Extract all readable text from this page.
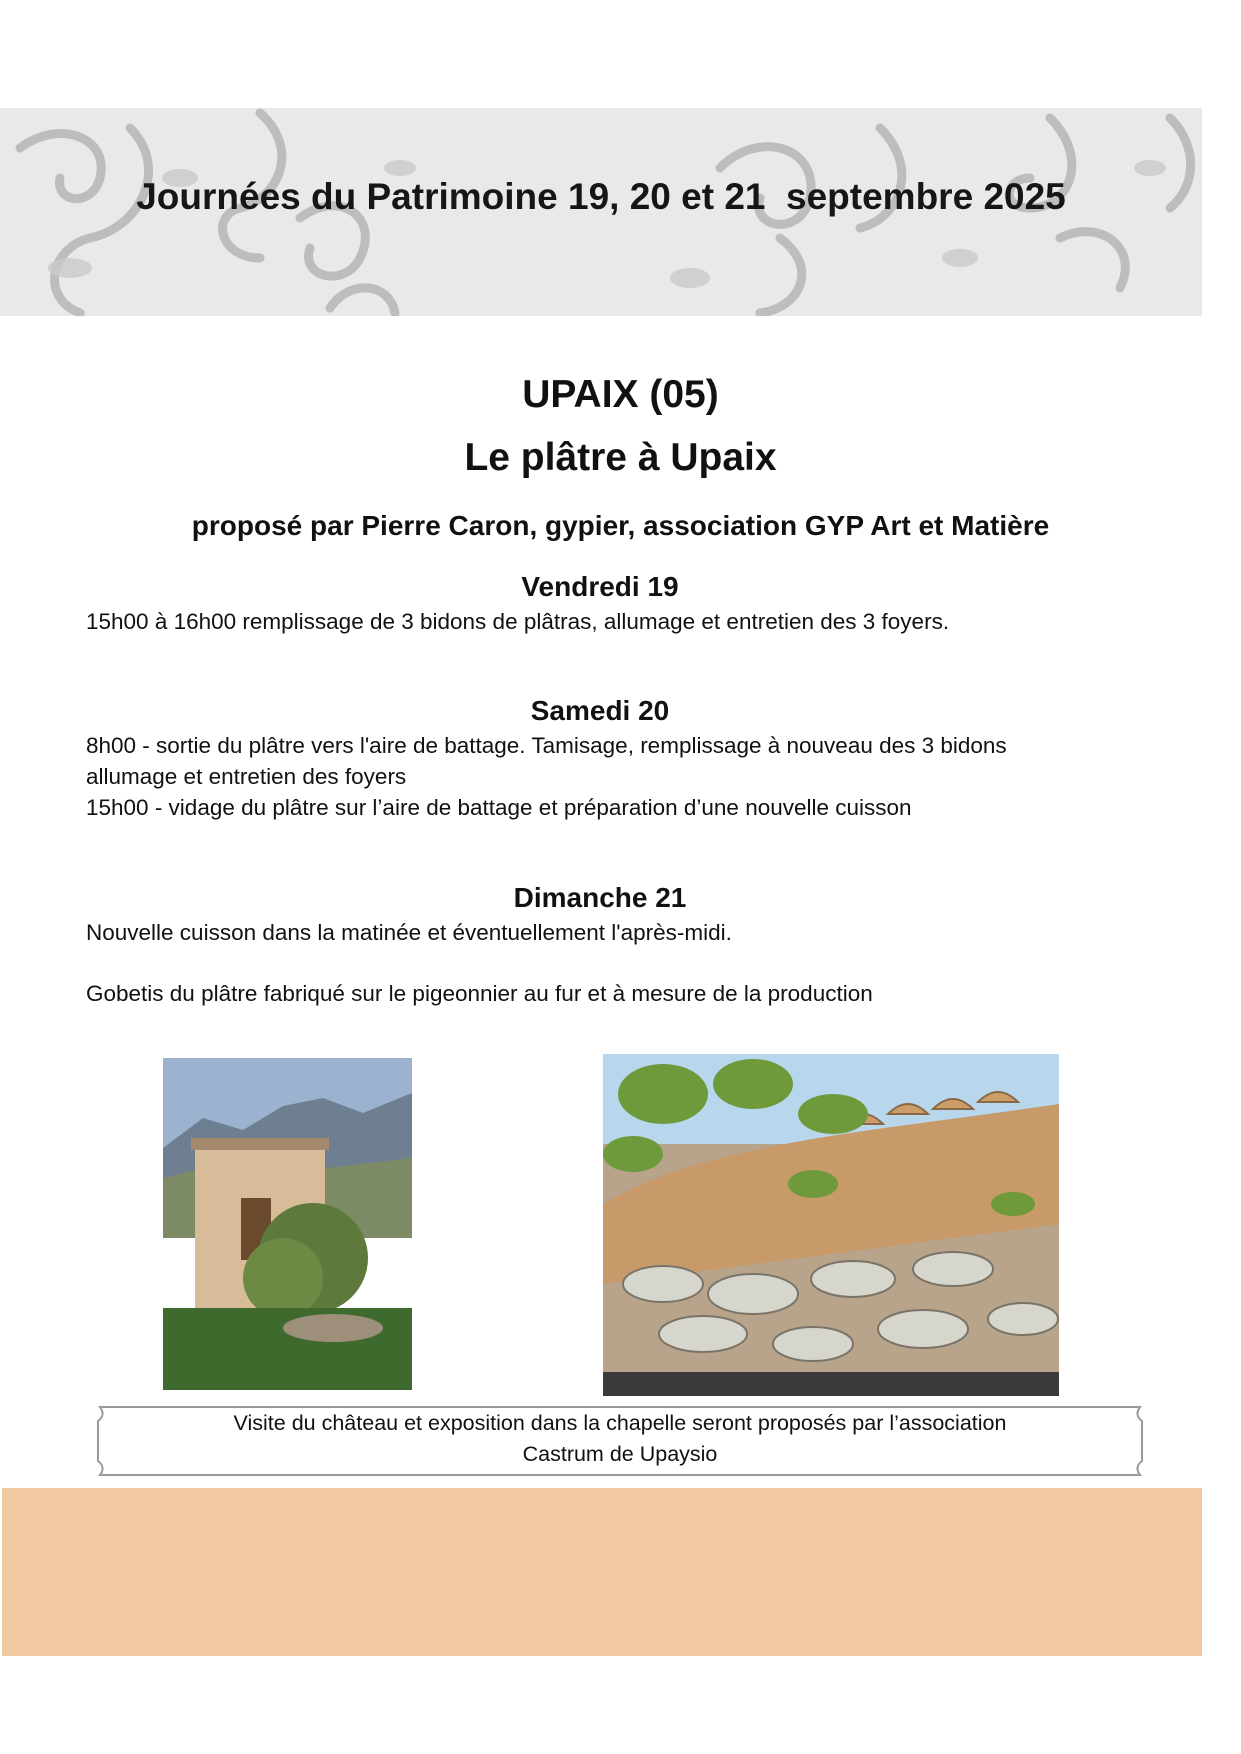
Journées du Patrimoine 19, 20 et 21  septembre 2025
UPAIX (05)
Le plâtre à Upaix
proposé par Pierre Caron, gypier, association GYP Art et Matière
Vendredi 19
15h00 à 16h00 remplissage de 3 bidons de plâtras, allumage et entretien des 3 foyers.
Samedi 20
8h00 - sortie du plâtre vers l'aire de battage. Tamisage, remplissage à nouveau des 3 bidons
allumage et entretien des foyers
15h00 - vidage du plâtre sur l’aire de battage et préparation d’une nouvelle cuisson
Dimanche 21
Nouvelle cuisson dans la matinée et éventuellement l'après-midi.
Gobetis du plâtre fabriqué sur le pigeonnier au fur et à mesure de la production
Visite du château et exposition dans la chapelle seront proposés par l’association
Castrum de Upaysio
